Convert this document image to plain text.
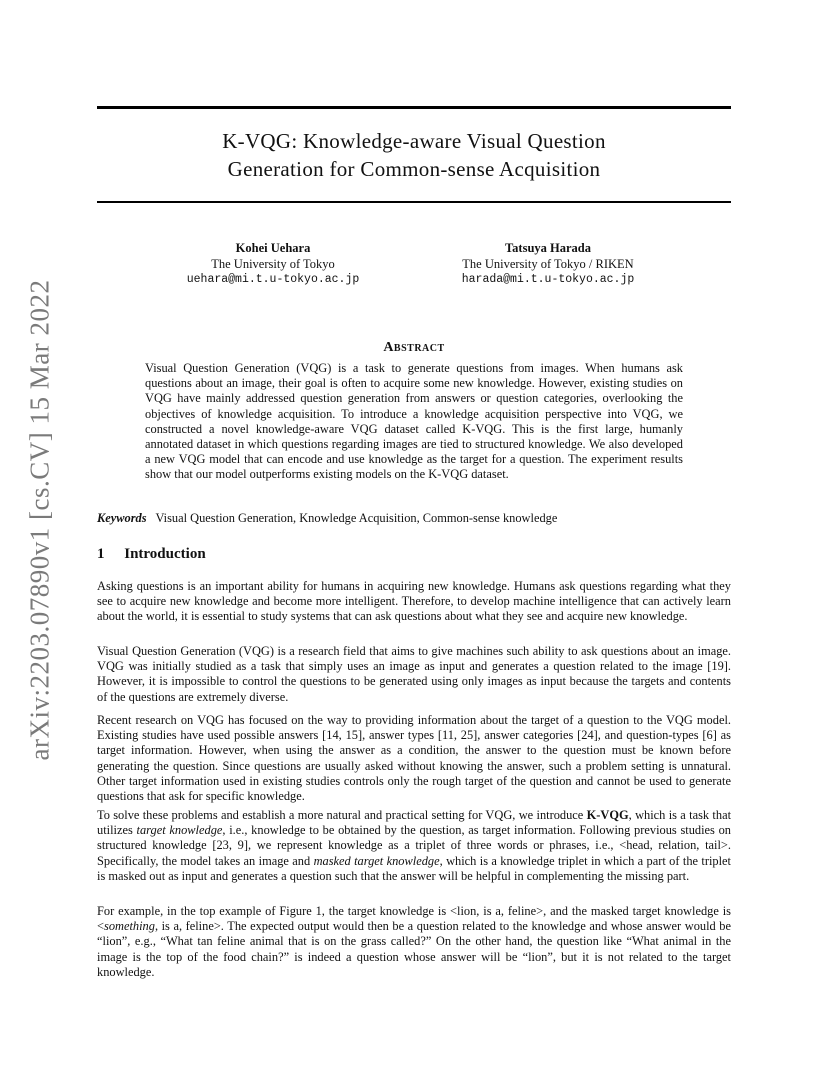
arXiv:2203.07890v1 [cs.CV] 15 Mar 2022
K-VQG: Knowledge-aware Visual Question
Generation for Common-sense Acquisition
Kohei Uehara
The University of Tokyo
uehara@mi.t.u-tokyo.ac.jp
Tatsuya Harada
The University of Tokyo / RIKEN
harada@mi.t.u-tokyo.ac.jp
Abstract
Visual Question Generation (VQG) is a task to generate questions from images. When humans ask questions about an image, their goal is often to acquire some new knowledge. However, existing studies on VQG have mainly addressed question generation from answers or question categories, overlooking the objectives of knowledge acquisition. To introduce a knowledge acquisition perspective into VQG, we constructed a novel knowledge-aware VQG dataset called K-VQG. This is the first large, humanly annotated dataset in which questions regarding images are tied to structured knowledge. We also developed a new VQG model that can encode and use knowledge as the target for a question. The experiment results show that our model outperforms existing models on the K-VQG dataset.
Keywords Visual Question Generation, Knowledge Acquisition, Common-sense knowledge
1 Introduction
Asking questions is an important ability for humans in acquiring new knowledge. Humans ask questions regarding what they see to acquire new knowledge and become more intelligent. Therefore, to develop machine intelligence that can actively learn about the world, it is essential to study systems that can ask questions about what they see and acquire new knowledge.
Visual Question Generation (VQG) is a research field that aims to give machines such ability to ask questions about an image. VQG was initially studied as a task that simply uses an image as input and generates a question related to the image [19]. However, it is impossible to control the questions to be generated using only images as input because the targets and contents of the questions are extremely diverse.
Recent research on VQG has focused on the way to providing information about the target of a question to the VQG model. Existing studies have used possible answers [14, 15], answer types [11, 25], answer categories [24], and question-types [6] as target information. However, when using the answer as a condition, the answer to the question must be known before generating the question. Since questions are usually asked without knowing the answer, such a problem setting is unnatural. Other target information used in existing studies controls only the rough target of the question and cannot be used to generate questions that ask for specific knowledge.
To solve these problems and establish a more natural and practical setting for VQG, we introduce K-VQG, which is a task that utilizes target knowledge, i.e., knowledge to be obtained by the question, as target information. Following previous studies on structured knowledge [23, 9], we represent knowledge as a triplet of three words or phrases, i.e., <head, relation, tail>. Specifically, the model takes an image and masked target knowledge, which is a knowledge triplet in which a part of the triplet is masked out as input and generates a question such that the answer will be helpful in complementing the missing part.
For example, in the top example of Figure 1, the target knowledge is <lion, is a, feline>, and the masked target knowledge is <something, is a, feline>. The expected output would then be a question related to the knowledge and whose answer would be “lion”, e.g., “What tan feline animal that is on the grass called?” On the other hand, the question like “What animal in the image is the top of the food chain?” is indeed a question whose answer will be “lion”, but it is not related to the target knowledge.
